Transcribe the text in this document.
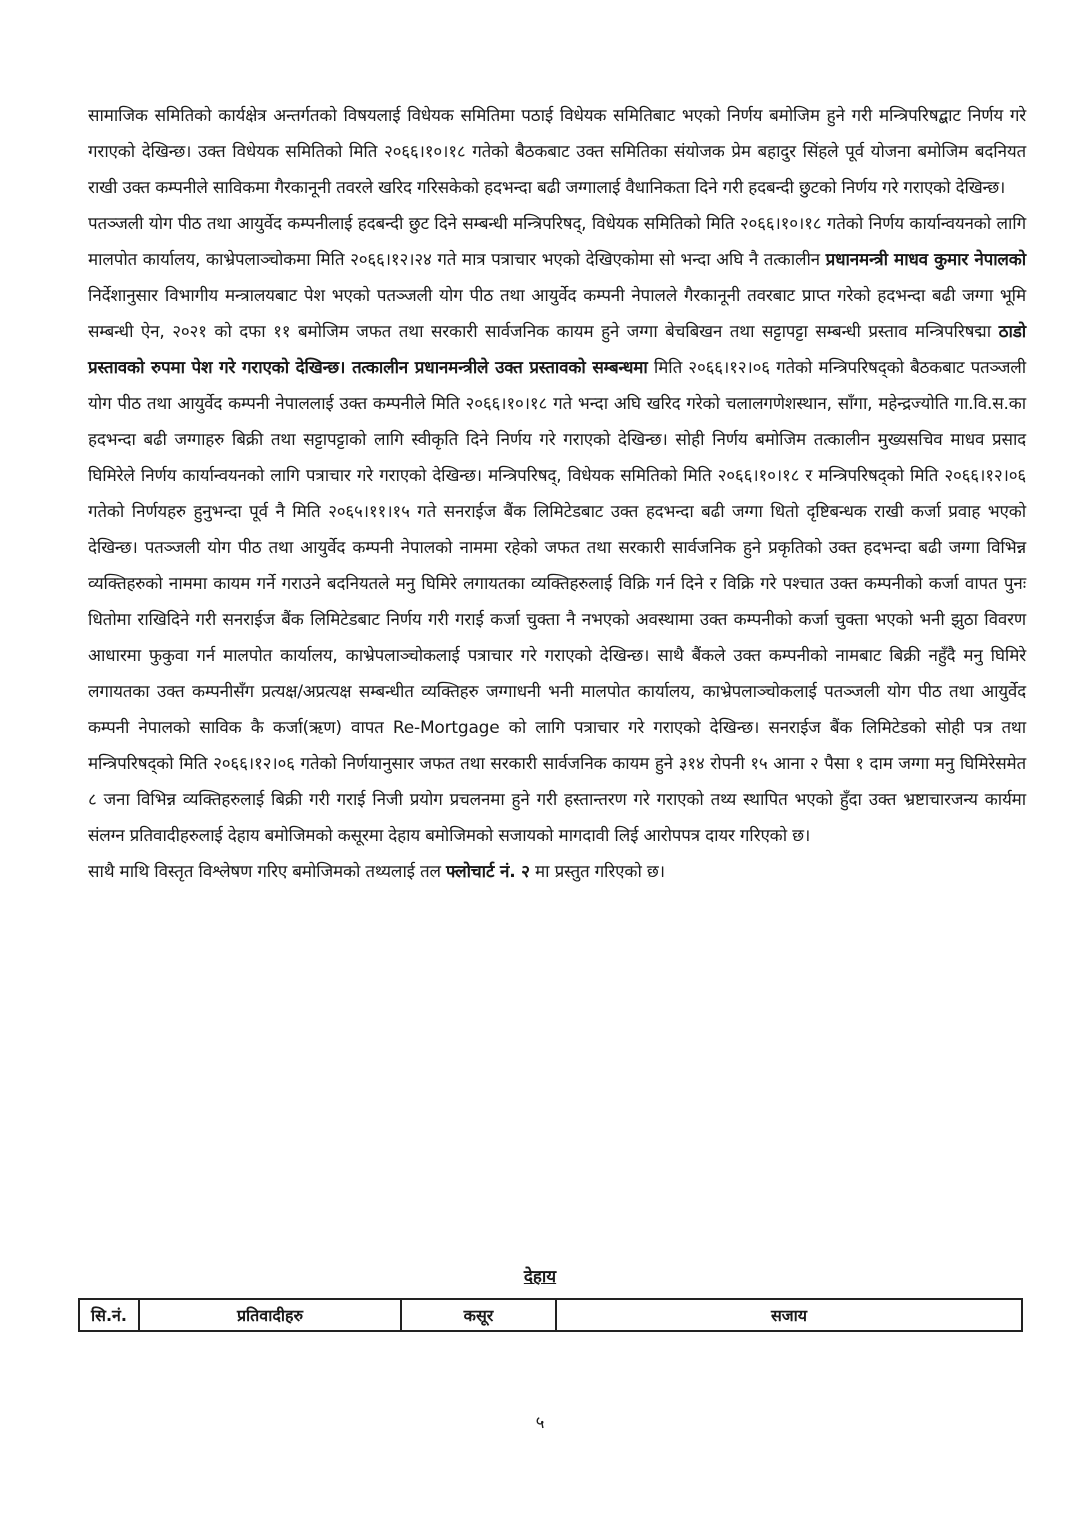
सामाजिक समितिको कार्यक्षेत्र अन्तर्गतको विषयलाई विधेयक समितिमा पठाई विधेयक समितिबाट भएको निर्णय बमोजिम हुने गरी मन्त्रिपरिषद्बाट निर्णय गरे गराएको देखिन्छ। उक्त विधेयक समितिको मिति २०६६।१०।१८ गतेको बैठकबाट उक्त समितिका संयोजक प्रेम बहादुर सिंहले पूर्व योजना बमोजिम बदनियत राखी उक्त कम्पनीले साविकमा गैरकानूनी तवरले खरिद गरिसकेको हदभन्दा बढी जग्गालाई वैधानिकता दिने गरी हदबन्दी छुटको निर्णय गरे गराएको देखिन्छ।

पतञ्जली योग पीठ तथा आयुर्वेद कम्पनीलाई हदबन्दी छुट दिने सम्बन्धी मन्त्रिपरिषद्, विधेयक समितिको मिति २०६६।१०।१८ गतेको निर्णय कार्यान्वयनको लागि मालपोत कार्यालय, काभ्रेपलाञ्चोकमा मिति २०६६।१२।२४ गते मात्र पत्राचार भएको देखिएकोमा सो भन्दा अघि नै तत्कालीन प्रधानमन्त्री माधव कुमार नेपालको निर्देशानुसार विभागीय मन्त्रालयबाट पेश भएको पतञ्जली योग पीठ तथा आयुर्वेद कम्पनी नेपालले गैरकानूनी तवरबाट प्राप्त गरेको हदभन्दा बढी जग्गा भूमि सम्बन्धी ऐन, २०२१ को दफा ११ बमोजिम जफत तथा सरकारी सार्वजनिक कायम हुने जग्गा बेचबिखन तथा सट्टापट्टा सम्बन्धी प्रस्ताव मन्त्रिपरिषद्मा ठाडो प्रस्तावको रुपमा पेश गरे गराएको देखिन्छ। तत्कालीन प्रधानमन्त्रीले उक्त प्रस्तावको सम्बन्धमा मिति २०६६।१२।०६ गतेको मन्त्रिपरिषद्को बैठकबाट पतञ्जली योग पीठ तथा आयुर्वेद कम्पनी नेपाललाई उक्त कम्पनीले मिति २०६६।१०।१८ गते भन्दा अघि खरिद गरेको चलालगणेशस्थान, साँगा, महेन्द्रज्योति गा.वि.स.का हदभन्दा बढी जग्गाहरु बिक्री तथा सट्टापट्टाको लागि स्वीकृति दिने निर्णय गरे गराएको देखिन्छ। सोही निर्णय बमोजिम तत्कालीन मुख्यसचिव माधव प्रसाद घिमिरेले निर्णय कार्यान्वयनको लागि पत्राचार गरे गराएको देखिन्छ। मन्त्रिपरिषद्, विधेयक समितिको मिति २०६६।१०।१८ र मन्त्रिपरिषद्को मिति २०६६।१२।०६ गतेको निर्णयहरु हुनुभन्दा पूर्व नै मिति २०६५।११।१५ गते सनराईज बैंक लिमिटेडबाट उक्त हदभन्दा बढी जग्गा धितो दृष्टिबन्धक राखी कर्जा प्रवाह भएको देखिन्छ। पतञ्जली योग पीठ तथा आयुर्वेद कम्पनी नेपालको नाममा रहेको जफत तथा सरकारी सार्वजनिक हुने प्रकृतिको उक्त हदभन्दा बढी जग्गा विभिन्न व्यक्तिहरुको नाममा कायम गर्ने गराउने बदनियतले मनु घिमिरे लगायतका व्यक्तिहरुलाई विक्रि गर्न दिने र विक्रि गरे पश्चात उक्त कम्पनीको कर्जा वापत पुनः धितोमा राखिदिने गरी सनराईज बैंक लिमिटेडबाट निर्णय गरी गराई कर्जा चुक्ता नै नभएको अवस्थामा उक्त कम्पनीको कर्जा चुक्ता भएको भनी झुठा विवरण आधारमा फुकुवा गर्न मालपोत कार्यालय, काभ्रेपलाञ्चोकलाई पत्राचार गरे गराएको देखिन्छ। साथै बैंकले उक्त कम्पनीको नामबाट बिक्री नहुँदै मनु घिमिरे लगायतका उक्त कम्पनीसँग प्रत्यक्ष/अप्रत्यक्ष सम्बन्धीत व्यक्तिहरु जग्गाधनी भनी मालपोत कार्यालय, काभ्रेपलाञ्चोकलाई पतञ्जली योग पीठ तथा आयुर्वेद कम्पनी नेपालको साविक कै कर्जा(ऋण) वापत Re-Mortgage को लागि पत्राचार गरे गराएको देखिन्छ। सनराईज बैंक लिमिटेडको सोही पत्र तथा मन्त्रिपरिषद्को मिति २०६६।१२।०६ गतेको निर्णयानुसार जफत तथा सरकारी सार्वजनिक कायम हुने ३१४ रोपनी १५ आना २ पैसा १ दाम जग्गा मनु घिमिरेसमेत ८ जना विभिन्न व्यक्तिहरुलाई बिक्री गरी गराई निजी प्रयोग प्रचलनमा हुने गरी हस्तान्तरण गरे गराएको तथ्य स्थापित भएको हुँदा उक्त भ्रष्टाचारजन्य कार्यमा संलग्न प्रतिवादीहरुलाई देहाय बमोजिमको कसूरमा देहाय बमोजिमको सजायको मागदावी लिई आरोपपत्र दायर गरिएको छ।

साथै माथि विस्तृत विश्लेषण गरिए बमोजिमको तथ्यलाई तल फ्लोचार्ट नं. २ मा प्रस्तुत गरिएको छ।

देहाय
सि.नं.	प्रतिवादीहरु	कसूर	सजाय
५
